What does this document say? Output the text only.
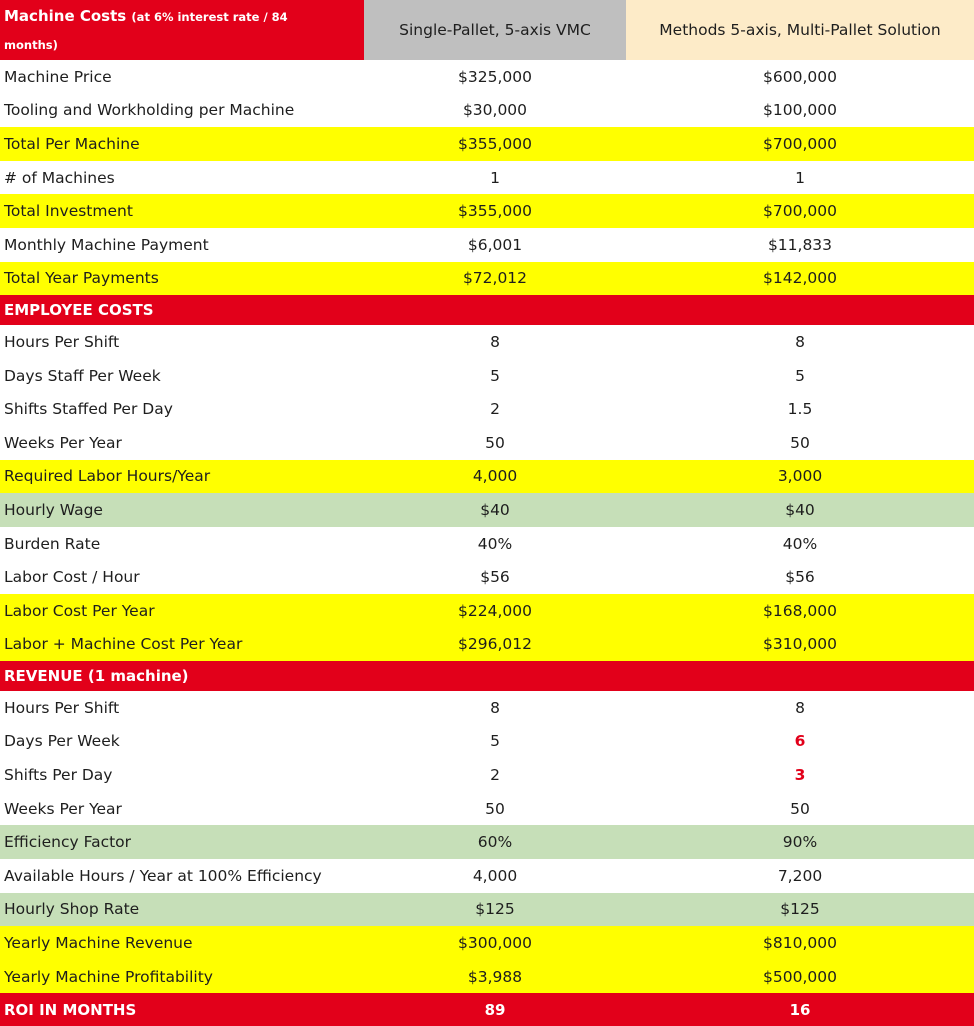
Machine Costs (at 6% interest rate / 84
months)
Single-Pallet, 5-axis VMC	Methods 5-axis, Multi-Pallet Solution
Machine Price	$325,000	$600,000
Tooling and Workholding per Machine	$30,000	$100,000
Total Per Machine	$355,000	$700,000
# of Machines	1	1
Total Investment	$355,000	$700,000
Monthly Machine Payment	$6,001	$11,833
Total Year Payments	$72,012	$142,000
EMPLOYEE COSTS
Hours Per Shift	8	8
Days Staff Per Week	5	5
Shifts Staffed Per Day	2	1.5
Weeks Per Year	50	50
Required Labor Hours/Year	4,000	3,000
Hourly Wage	$40	$40
Burden Rate	40%	40%
Labor Cost / Hour	$56	$56
Labor Cost Per Year	$224,000	$168,000
Labor + Machine Cost Per Year	$296,012	$310,000
REVENUE (1 machine)
Hours Per Shift	8	8
Days Per Week	5	6
Shifts Per Day	2	3
Weeks Per Year	50	50
Efficiency Factor	60%	90%
Available Hours / Year at 100% Efficiency	4,000	7,200
Hourly Shop Rate	$125	$125
Yearly Machine Revenue	$300,000	$810,000
Yearly Machine Profitability	$3,988	$500,000
ROI IN MONTHS	89	16
